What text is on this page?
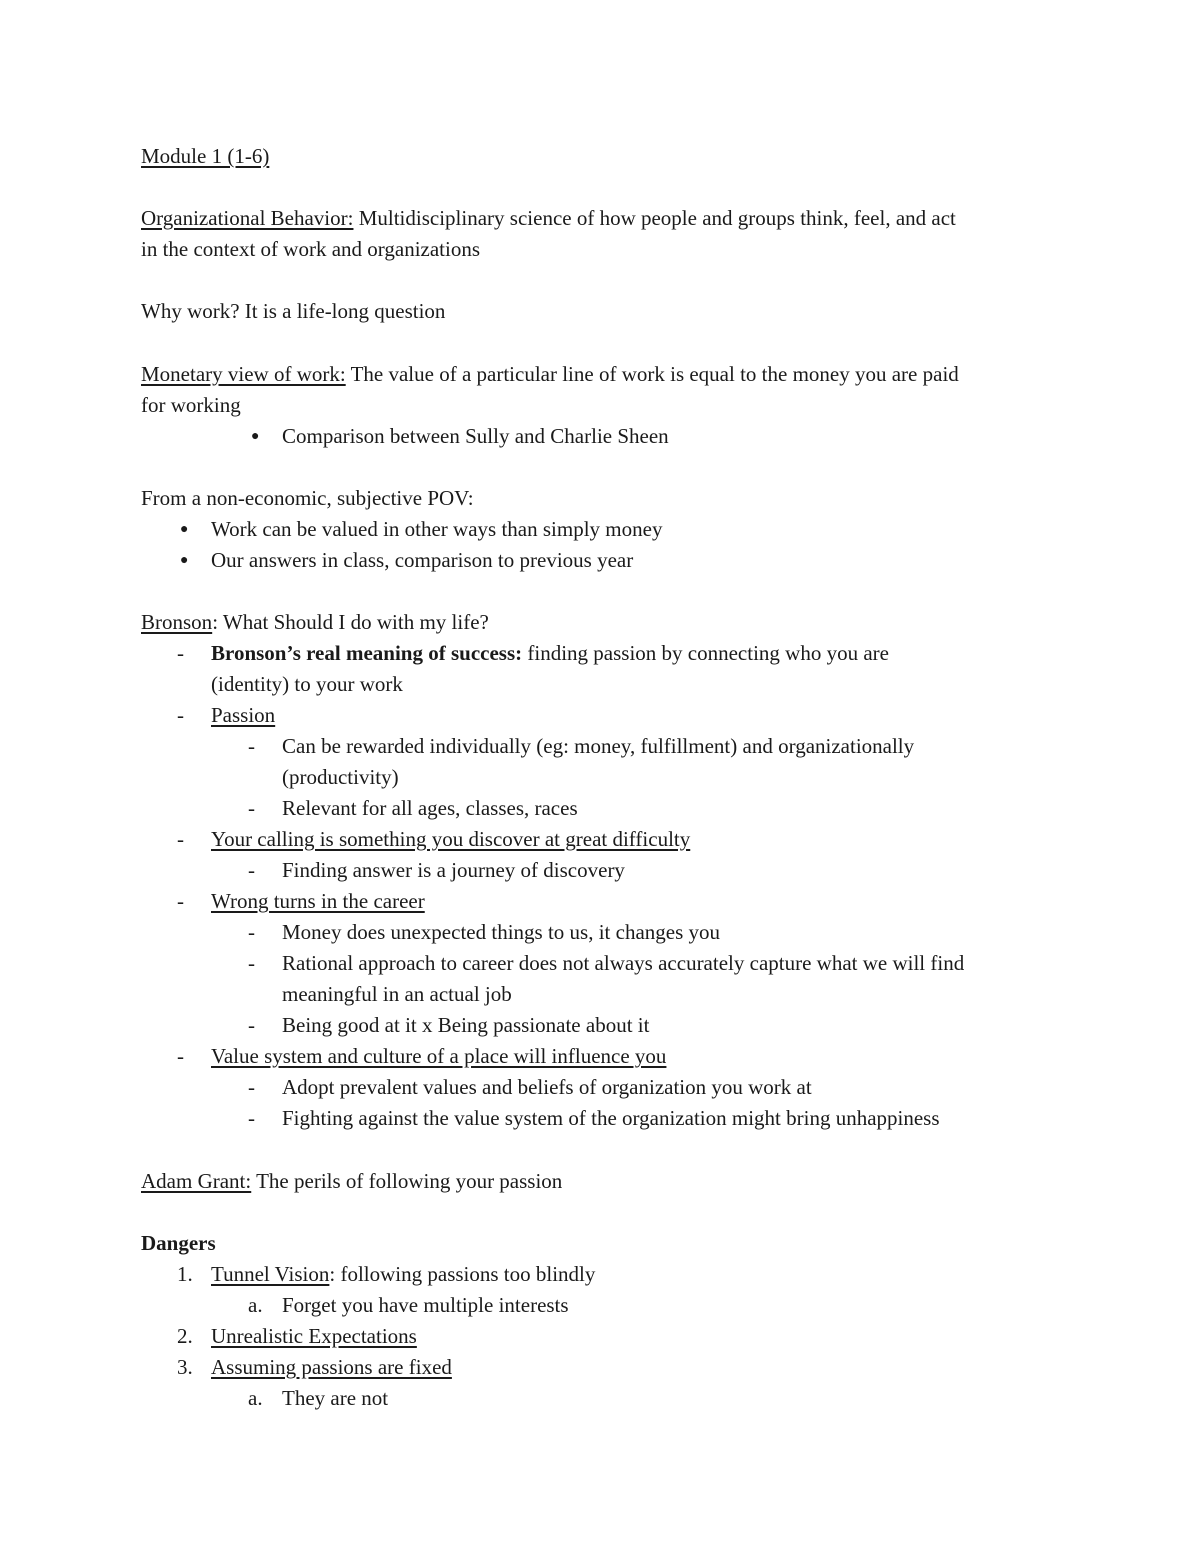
Module 1 (1-6)
Organizational Behavior: Multidisciplinary science of how people and groups think, feel, and act
in the context of work and organizations
Why work? It is a life-long question
Monetary view of work: The value of a particular line of work is equal to the money you are paid
for working
● Comparison between Sully and Charlie Sheen
From a non-economic, subjective POV:
● Work can be valued in other ways than simply money
● Our answers in class, comparison to previous year
Bronson: What Should I do with my life?
- Bronson’s real meaning of success: finding passion by connecting who you are
(identity) to your work
- Passion
- Can be rewarded individually (eg: money, fulfillment) and organizationally
(productivity)
- Relevant for all ages, classes, races
- Your calling is something you discover at great difficulty
- Finding answer is a journey of discovery
- Wrong turns in the career
- Money does unexpected things to us, it changes you
- Rational approach to career does not always accurately capture what we will find
meaningful in an actual job
- Being good at it x Being passionate about it
- Value system and culture of a place will influence you
- Adopt prevalent values and beliefs of organization you work at
- Fighting against the value system of the organization might bring unhappiness
Adam Grant: The perils of following your passion
Dangers
1. Tunnel Vision: following passions too blindly
a. Forget you have multiple interests
2. Unrealistic Expectations
3. Assuming passions are fixed
a. They are not
